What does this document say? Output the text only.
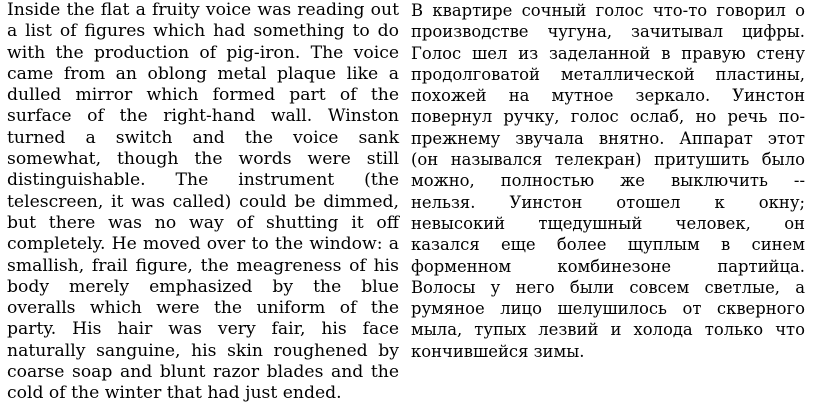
Inside the flat a fruity voice was reading out
a list of figures which had something to do
with the production of pig-iron. The voice
came from an oblong metal plaque like a
dulled mirror which formed part of the
surface of the right-hand wall. Winston
turned a switch and the voice sank
somewhat, though the words were still
distinguishable. The instrument (the
telescreen, it was called) could be dimmed,
but there was no way of shutting it off
completely. He moved over to the window: a
smallish, frail figure, the meagreness of his
body merely emphasized by the blue
overalls which were the uniform of the
party. His hair was very fair, his face
naturally sanguine, his skin roughened by
coarse soap and blunt razor blades and the
cold of the winter that had just ended.
В квартире сочный голос что-то говорил о
производстве чугуна, зачитывал цифры.
Голос шел из заделанной в правую стену
продолговатой металлической пластины,
похожей на мутное зеркало. Уинстон
повернул ручку, голос ослаб, но речь по-
прежнему звучала внятно. Аппарат этот
(он назывался телекран) притушить было
можно, полностью же выключить --
нельзя. Уинстон отошел к окну;
невысокий тщедушный человек, он
казался еще более щуплым в синем
форменном комбинезоне партийца.
Волосы у него были совсем светлые, а
румяное лицо шелушилось от скверного
мыла, тупых лезвий и холода только что
кончившейся зимы.
